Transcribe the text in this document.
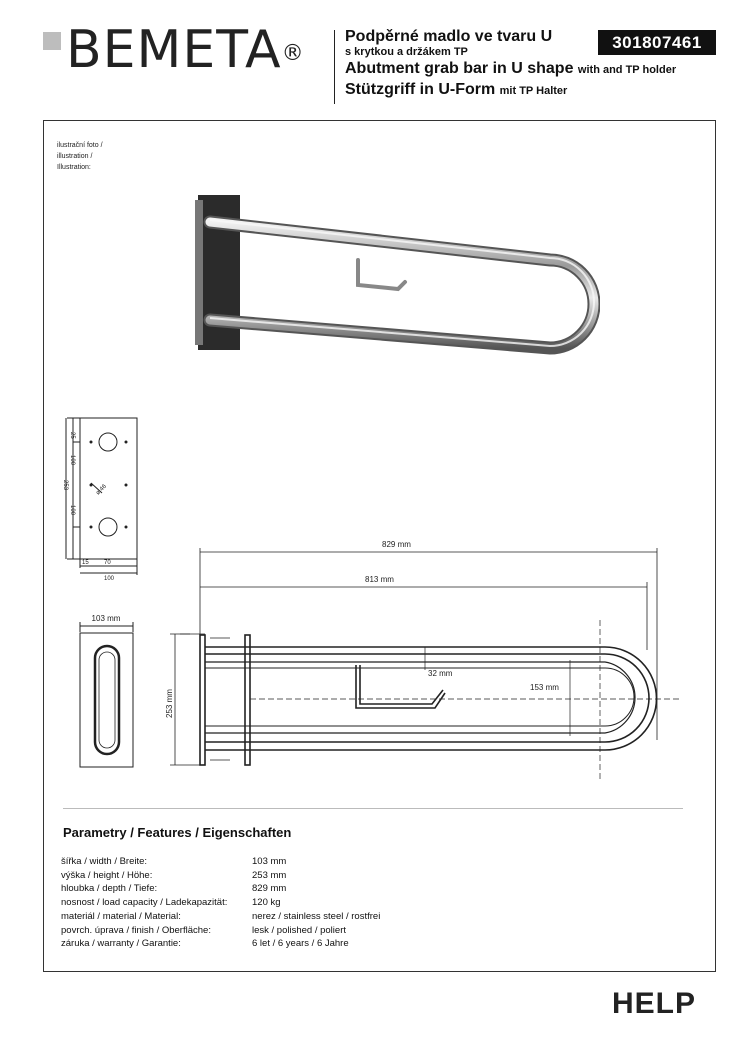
BEMETA®
Podpěrné madlo ve tvaru U
s krytkou a držákem TP
Abutment grab bar in U shape with and TP holder
Stützgriff in U-Form mit TP Halter
301807461
ilustrační foto /
illustration /
Illustration:
25
100
253
100
ø 46
15	70
100
103 mm
829 mm
813 mm
253 mm
32 mm
153 mm
Parametry / Features / Eigenschaften
šířka / width / Breite:	103 mm
výška / height / Höhe:	253 mm
hloubka / depth / Tiefe:	829 mm
nosnost / load capacity / Ladekapazität:	120 kg
materiál / material / Material:	nerez / stainless steel / rostfrei
povrch. úprava / finish / Oberfläche:	lesk / polished / poliert
záruka / warranty / Garantie:	6 let / 6 years / 6 Jahre
HELP
